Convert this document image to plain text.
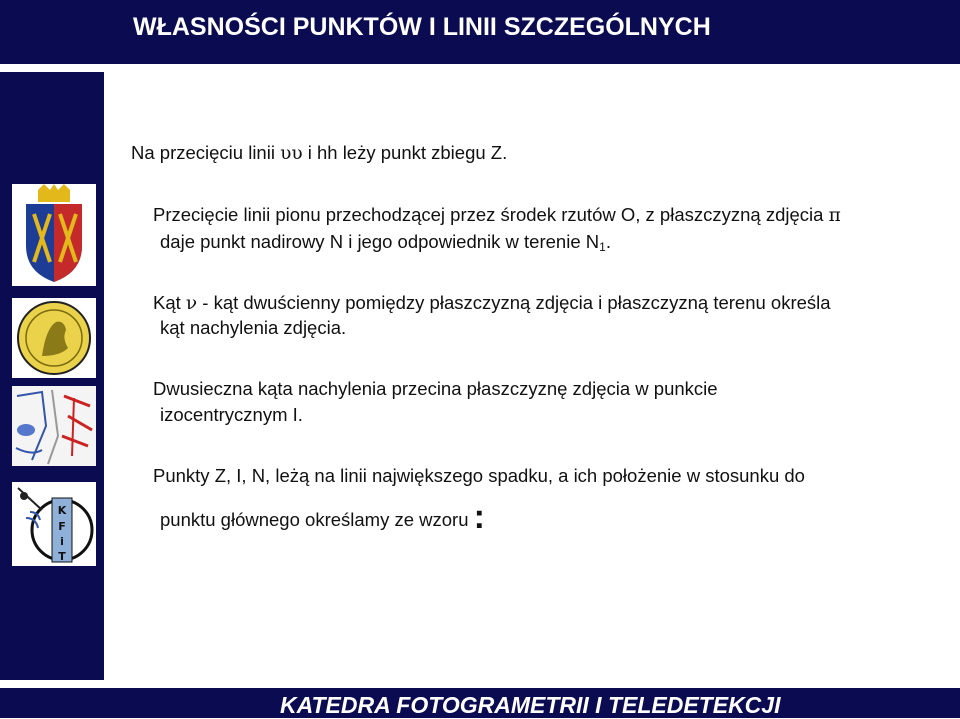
WŁASNOŚCI PUNKTÓW I LINII SZCZEGÓLNYCH
K
F
i
T
Na przecięciu linii υυ i hh leży punkt zbiegu Z.
Przecięcie linii pionu przechodzącej przez środek rzutów O, z płaszczyzną zdjęcia π
daje punkt nadirowy N i jego odpowiednik w terenie $N_1$.
Kąt ν - kąt dwuścienny pomiędzy płaszczyzną zdjęcia i płaszczyzną terenu określa
kąt nachylenia zdjęcia.
Dwusieczna kąta nachylenia przecina płaszczyznę zdjęcia w punkcie
izocentrycznym I.
Punkty Z, I, N, leżą na linii największego spadku, a ich położenie w stosunku do
punktu głównego określamy ze wzoru :
KATEDRA FOTOGRAMETRII I TELEDETEKCJI
